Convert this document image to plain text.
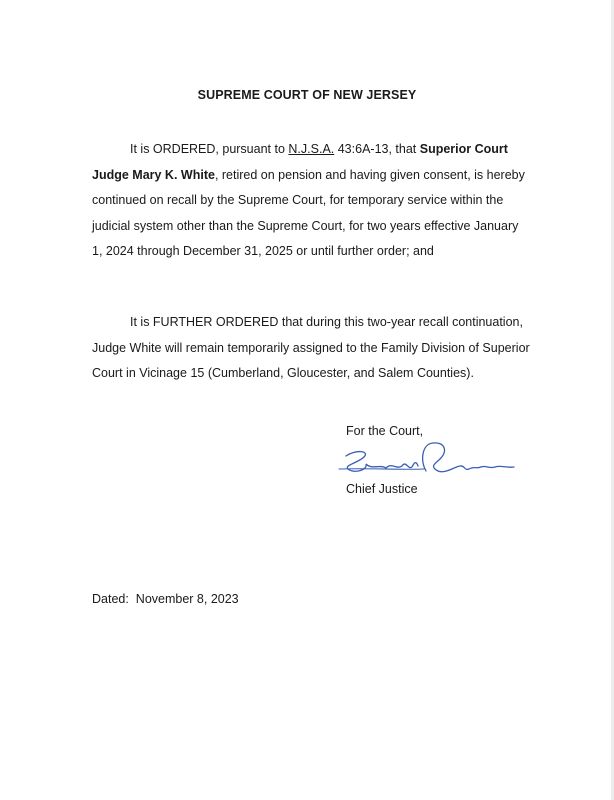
SUPREME COURT OF NEW JERSEY

It is ORDERED, pursuant to N.J.S.A. 43:6A-13, that Superior Court Judge Mary K. White, retired on pension and having given consent, is hereby continued on recall by the Supreme Court, for temporary service within the judicial system other than the Supreme Court, for two years effective January 1, 2024 through December 31, 2025 or until further order; and

It is FURTHER ORDERED that during this two-year recall continuation, Judge White will remain temporarily assigned to the Family Division of Superior Court in Vicinage 15 (Cumberland, Gloucester, and Salem Counties).

For the Court,
Chief Justice
Dated: November 8, 2023
